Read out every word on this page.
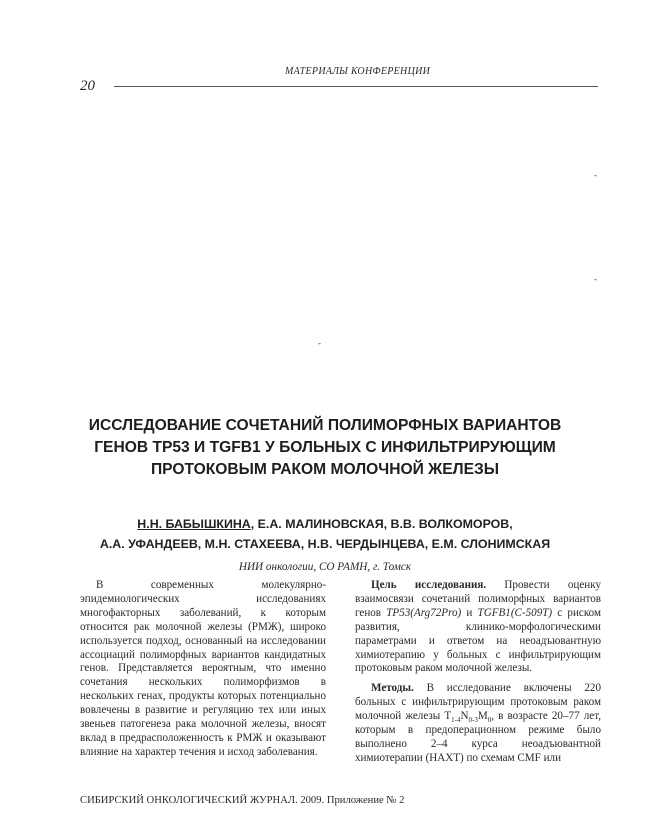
МАТЕРИАЛЫ КОНФЕРЕНЦИИ
20
-
-
-
ИССЛЕДОВАНИЕ СОЧЕТАНИЙ ПОЛИМОРФНЫХ ВАРИАНТОВ
ГЕНОВ TP53 И TGFB1 У БОЛЬНЫХ С ИНФИЛЬТРИРУЮЩИМ
ПРОТОКОВЫМ РАКОМ МОЛОЧНОЙ ЖЕЛЕЗЫ
Н.Н. БАБЫШКИНА, Е.А. МАЛИНОВСКАЯ, В.В. ВОЛКОМОРОВ,
А.А. УФАНДЕЕВ, М.Н. СТАХЕЕВА, Н.В. ЧЕРДЫНЦЕВА, Е.М. СЛОНИМСКАЯ
НИИ онкологии, СО РАМН, г. Томск

В современных молекулярно-эпидемиологических исследованиях многофакторных заболеваний, к которым относится рак молочной железы (РМЖ), широко используется подход, основанный на исследовании ассоциаций полиморфных вариантов кандидатных генов. Представляется вероятным, что именно сочетания нескольких полиморфизмов в нескольких генах, продукты которых потенциально вовлечены в развитие и регуляцию тех или иных звеньев патогенеза рака молочной железы, вносят вклад в предрасположенность к РМЖ и оказывают влияние на характер течения и исход заболевания.

Цель исследования. Провести оценку взаимосвязи сочетаний полиморфных вариантов генов TP53(Arg72Pro) и TGFB1(C-509T) с риском развития, клинико-морфологическими параметрами и ответом на неоадъювантную химиотерапию у больных с инфильтрирующим протоковым раком молочной железы.

Методы. В исследование включены 220 больных с инфильтрирующим протоковым раком молочной железы $T_{1-4}N_{0-3}M_0$, в возрасте 20–77 лет, которым в предоперационном режиме было выполнено 2–4 курса неоадъювантной химиотерапии (НАХТ) по схемам CMF или

СИБИРСКИЙ ОНКОЛОГИЧЕСКИЙ ЖУРНАЛ. 2009. Приложение № 2
